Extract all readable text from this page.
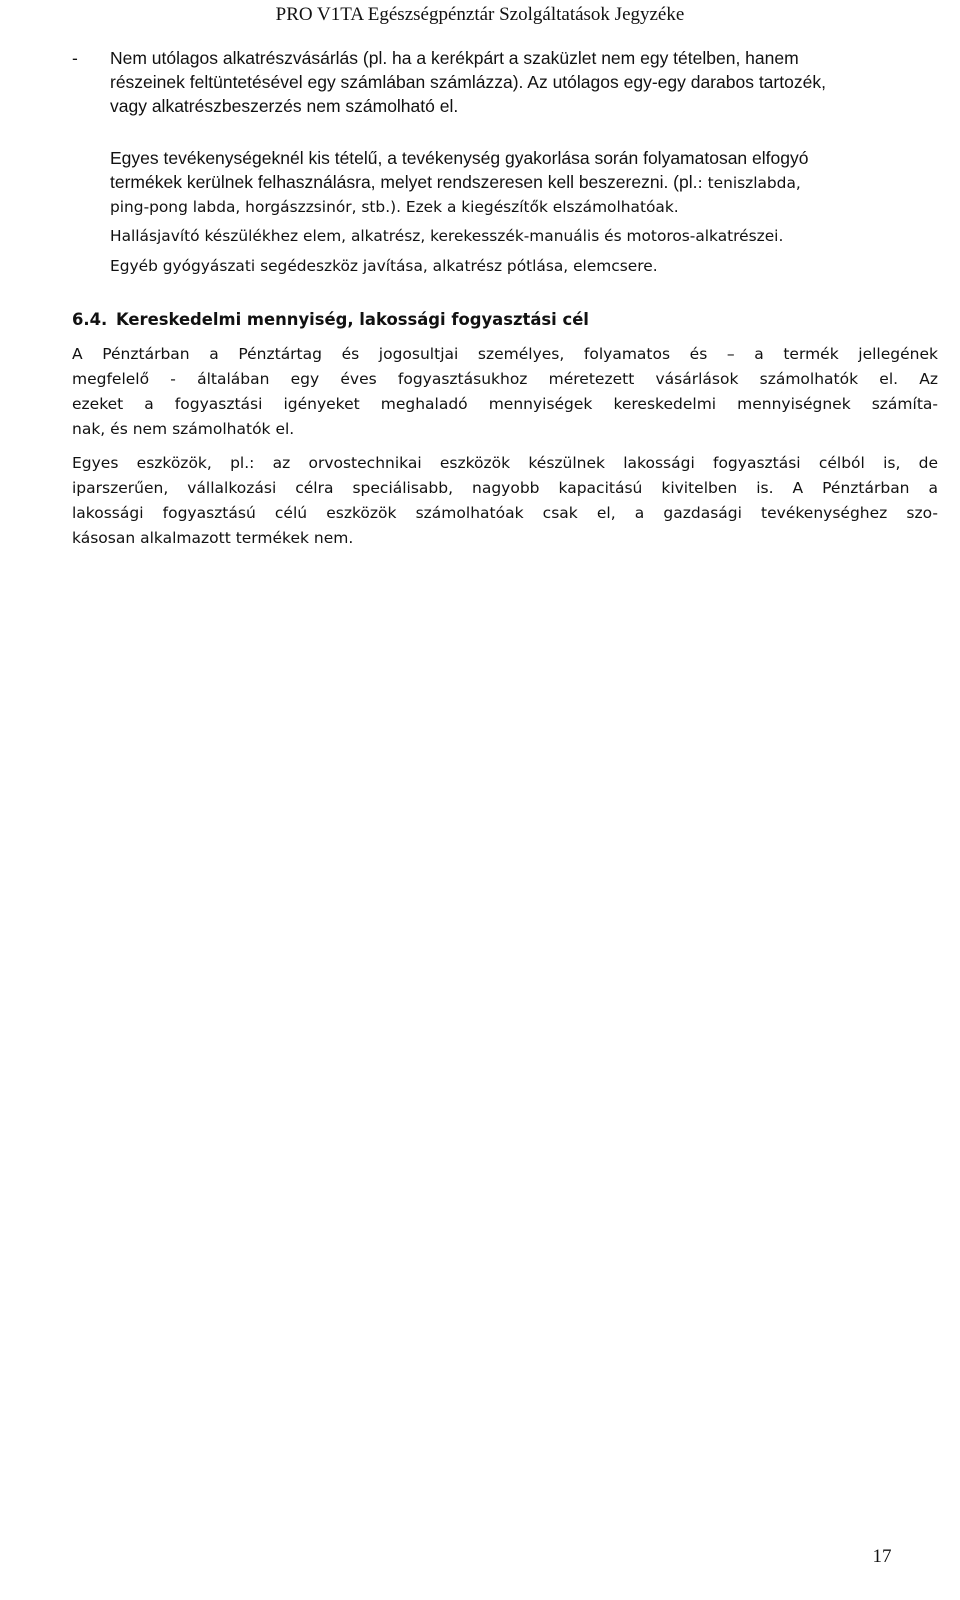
PRO V1TA Egészségpénztár Szolgáltatások Jegyzéke
- Nem utólagos alkatrészvásárlás (pl. ha a kerékpárt a szaküzlet nem egy tételben, hanem
részeinek feltüntetésével egy számlában számlázza). Az utólagos egy-egy darabos tartozék,
vagy alkatrészbeszerzés nem számolható el.
Egyes tevékenységeknél kis tételű, a tevékenység gyakorlása során folyamatosan elfogyó
termékek kerülnek felhasználásra, melyet rendszeresen kell beszerezni. (pl.: teniszlabda,
ping-pong labda, horgászzsinór, stb.). Ezek a kiegészítők elszámolhatóak.
Hallásjavító készülékhez elem, alkatrész, kerekesszék-manuális és motoros-alkatrészei.
Egyéb gyógyászati segédeszköz javítása, alkatrész pótlása, elemcsere.
6.4. Kereskedelmi mennyiség, lakossági fogyasztási cél
A Pénztárban a Pénztártag és jogosultjai személyes, folyamatos és – a termék jellegének
megfelelő - általában egy éves fogyasztásukhoz méretezett vásárlások számolhatók el. Az
ezeket a fogyasztási igényeket meghaladó mennyiségek kereskedelmi mennyiségnek számíta-
nak, és nem számolhatók el.
Egyes eszközök, pl.: az orvostechnikai eszközök készülnek lakossági fogyasztási célból is, de
iparszerűen, vállalkozási célra speciálisabb, nagyobb kapacitású kivitelben is. A Pénztárban a
lakossági fogyasztású célú eszközök számolhatóak csak el, a gazdasági tevékenységhez szo-
kásosan alkalmazott termékek nem.
17
